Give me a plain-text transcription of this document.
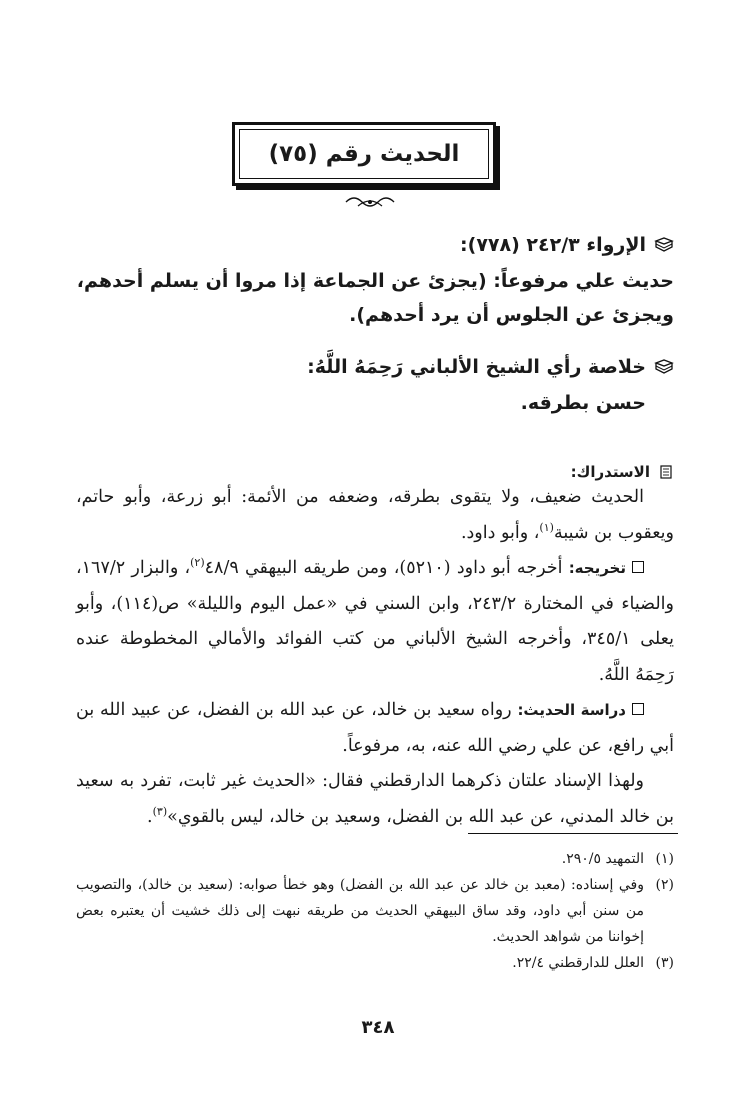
الحديث رقم (٧٥)
الإرواء ٢٤٢/٣ (٧٧٨):
حديث علي مرفوعاً: (يجزئ عن الجماعة إذا مروا أن يسلم أحدهم،
ويجزئ عن الجلوس أن يرد أحدهم).
خلاصة رأي الشيخ الألباني رَحِمَهُ اللَّهُ:
حسن بطرقه.
الاستدراك:

الحديث ضعيف، ولا يتقوى بطرقه، وضعفه من الأئمة: أبو زرعة، وأبو حاتم، ويعقوب بن شيبة$^{(١)}$، وأبو داود.

تخريجه: أخرجه أبو داود (٥٢١٠)، ومن طريقه البيهقي ٤٨/٩$^{(٢)}$، والبزار ١٦٧/٢، والضياء في المختارة ٢٤٣/٢، وابن السني في «عمل اليوم والليلة» ص(١١٤)، وأبو يعلى ٣٤٥/١، وأخرجه الشيخ الألباني من كتب الفوائد والأمالي المخطوطة عنده رَحِمَهُ اللَّهُ.

دراسة الحديث: رواه سعيد بن خالد، عن عبد الله بن الفضل، عن عبيد الله بن أبي رافع، عن علي رضي الله عنه، به، مرفوعاً.

ولهذا الإسناد علتان ذكرهما الدارقطني فقال: «الحديث غير ثابت، تفرد به سعيد بن خالد المدني، عن عبد الله بن الفضل، وسعيد بن خالد، ليس بالقوي»$^{(٣)}$.

(١)التمهيد ٢٩٠/٥.
(٢)
وفي إسناده: (معبد بن خالد عن عبد الله بن الفضل) وهو خطأ صوابه: (سعيد بن خالد)، والتصويب من سنن أبي داود، وقد ساق البيهقي الحديث من طريقه نبهت إلى ذلك خشيت أن يعتبره بعض إخواننا من شواهد الحديث.
(٣)العلل للدارقطني ٢٢/٤.
٣٤٨
